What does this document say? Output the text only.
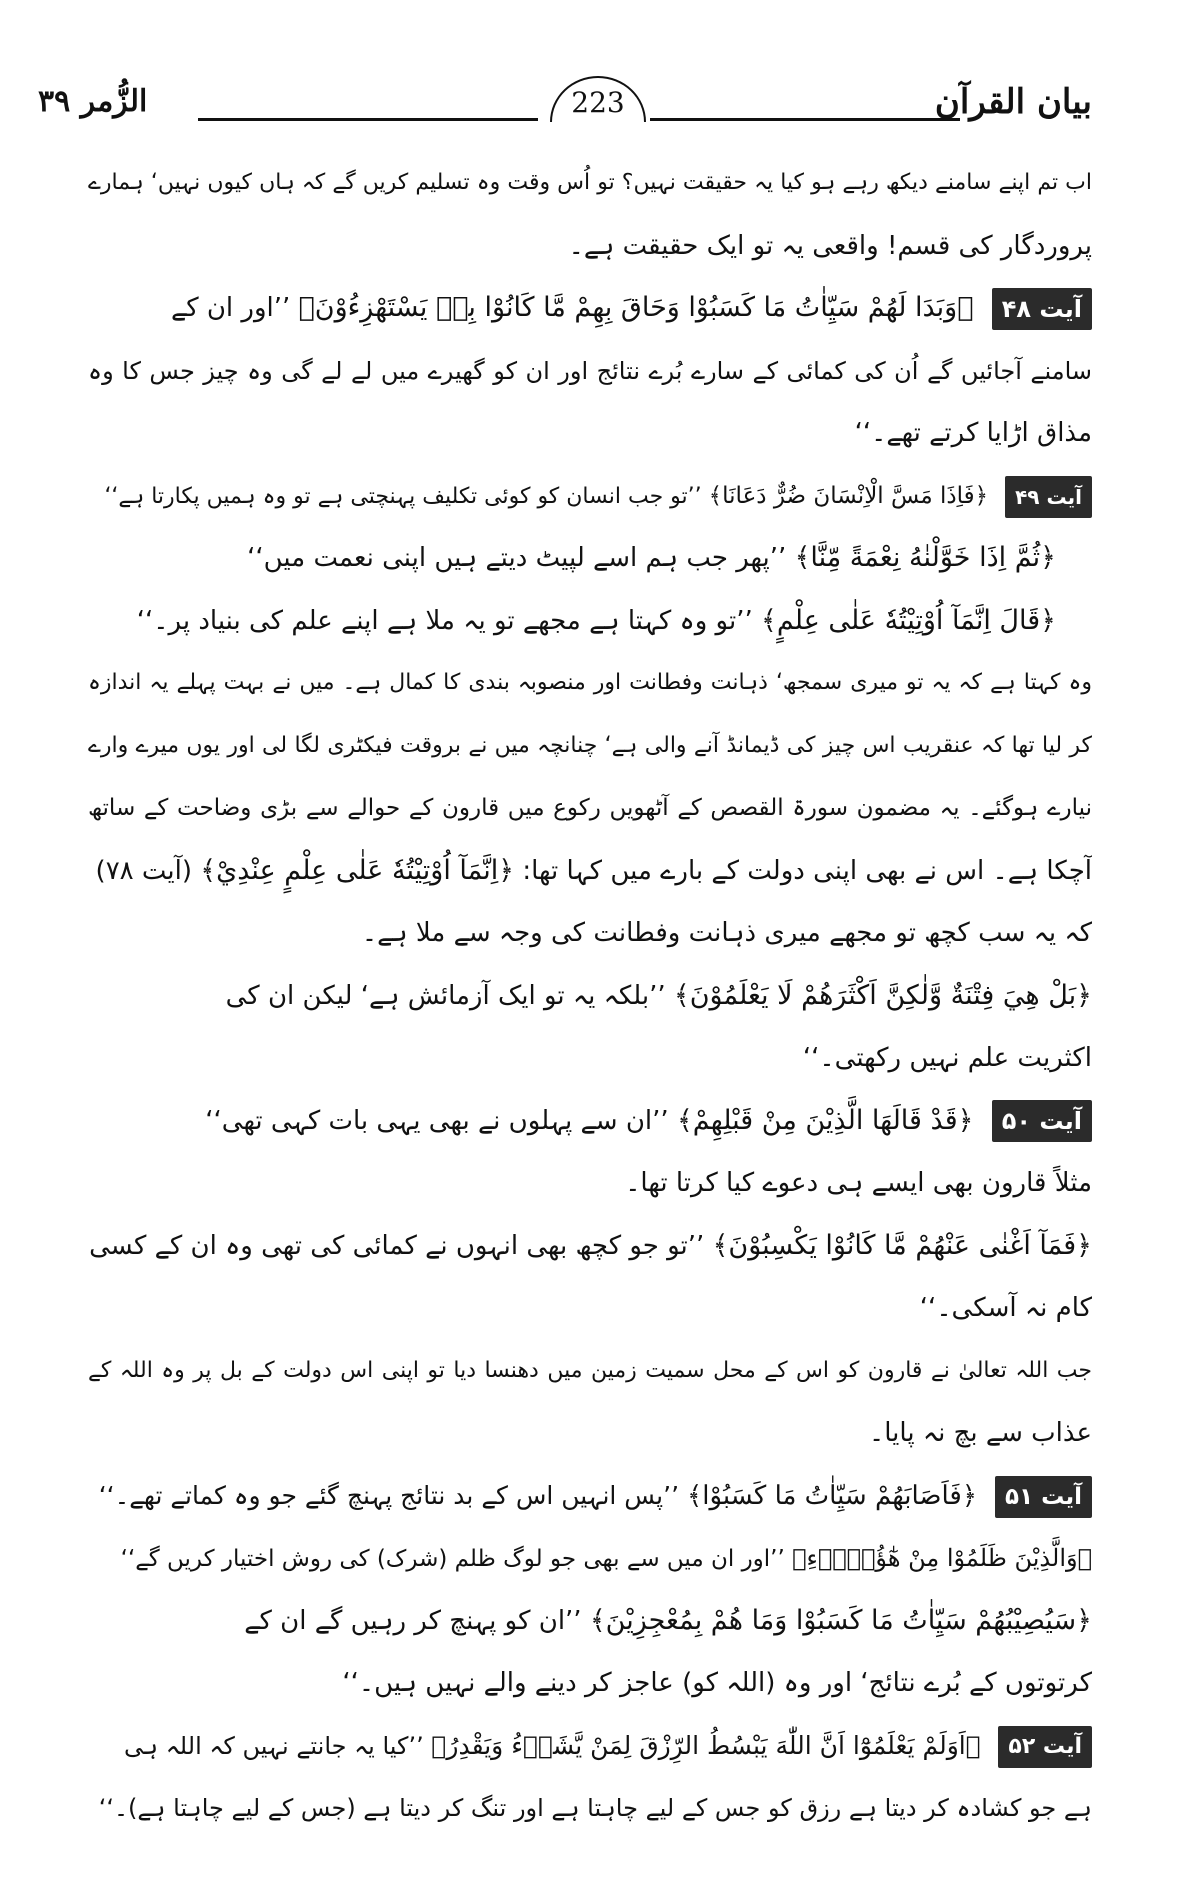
الزُّمر ۳۹	223	بیان القرآن
اب تم اپنے سامنے دیکھ رہے ہو کیا یہ حقیقت نہیں؟ تو اُس وقت وہ تسلیم کریں گے کہ ہاں کیوں نہیں‘ ہمارے
پروردگار کی قسم! واقعی یہ تو ایک حقیقت ہے۔
آیت ۴۸ ﴿وَبَدَا لَهُمْ سَيِّاٰتُ مَا كَسَبُوْا وَحَاقَ بِهِمْ مَّا كَانُوْا بِهٖ يَسْتَهْزِءُوْنَ﴾ ’’اور ان کے
سامنے آجائیں گے اُن کی کمائی کے سارے بُرے نتائج اور ان کو گھیرے میں لے لے گی وہ چیز جس کا وہ
مذاق اڑایا کرتے تھے۔‘‘
آیت ۴۹ ﴿فَاِذَا مَسَّ الْاِنْسَانَ ضُرٌّ دَعَانَا﴾ ’’تو جب انسان کو کوئی تکلیف پہنچتی ہے تو وہ ہمیں پکارتا ہے‘‘
﴿ثُمَّ اِذَا خَوَّلْنٰهُ نِعْمَةً مِّنَّا﴾ ’’پھر جب ہم اسے لپیٹ دیتے ہیں اپنی نعمت میں‘‘
﴿قَالَ اِنَّمَآ اُوْتِيْتُهٗ عَلٰى عِلْمٍ﴾ ’’تو وہ کہتا ہے مجھے تو یہ ملا ہے اپنے علم کی بنیاد پر۔‘‘
وہ کہتا ہے کہ یہ تو میری سمجھ‘ ذہانت وفطانت اور منصوبہ بندی کا کمال ہے۔ میں نے بہت پہلے یہ اندازہ
کر لیا تھا کہ عنقریب اس چیز کی ڈیمانڈ آنے والی ہے‘ چنانچہ میں نے بروقت فیکٹری لگا لی اور یوں میرے وارے
نیارے ہوگئے۔ یہ مضمون سورۃ القصص کے آٹھویں رکوع میں قارون کے حوالے سے بڑی وضاحت کے ساتھ
آچکا ہے۔ اس نے بھی اپنی دولت کے بارے میں کہا تھا: ﴿اِنَّمَآ اُوْتِيْتُهٗ عَلٰى عِلْمٍ عِنْدِيْ﴾ (آیت ۷۸)
کہ یہ سب کچھ تو مجھے میری ذہانت وفطانت کی وجہ سے ملا ہے۔
﴿بَلْ هِيَ فِتْنَةٌ وَّلٰكِنَّ اَكْثَرَهُمْ لَا يَعْلَمُوْنَ﴾ ’’بلکہ یہ تو ایک آزمائش ہے‘ لیکن ان کی
اکثریت علم نہیں رکھتی۔‘‘
آیت ۵۰ ﴿قَدْ قَالَهَا الَّذِيْنَ مِنْ قَبْلِهِمْ﴾ ’’ان سے پہلوں نے بھی یہی بات کہی تھی‘‘
مثلاً قارون بھی ایسے ہی دعوے کیا کرتا تھا۔
﴿فَمَآ اَغْنٰى عَنْهُمْ مَّا كَانُوْا يَكْسِبُوْنَ﴾ ’’تو جو کچھ بھی انہوں نے کمائی کی تھی وہ ان کے کسی
کام نہ آسکی۔‘‘
جب اللہ تعالیٰ نے قارون کو اس کے محل سمیت زمین میں دھنسا دیا تو اپنی اس دولت کے بل پر وہ اللہ کے
عذاب سے بچ نہ پایا۔
آیت ۵۱ ﴿فَاَصَابَهُمْ سَيِّاٰتُ مَا كَسَبُوْا﴾ ’’پس انہیں اس کے بد نتائج پہنچ گئے جو وہ کماتے تھے۔‘‘
﴿وَالَّذِيْنَ ظَلَمُوْا مِنْ هٰٓؤُلَاۗءِ﴾ ’’اور ان میں سے بھی جو لوگ ظلم (شرک) کی روش اختیار کریں گے‘‘
﴿سَيُصِيْبُهُمْ سَيِّاٰتُ مَا كَسَبُوْا وَمَا هُمْ بِمُعْجِزِيْنَ﴾ ’’ان کو پہنچ کر رہیں گے ان کے
کرتوتوں کے بُرے نتائج‘ اور وہ (اللہ کو) عاجز کر دینے والے نہیں ہیں۔‘‘
آیت ۵۲ ﴿اَوَلَمْ يَعْلَمُوْٓا اَنَّ اللّٰهَ يَبْسُطُ الرِّزْقَ لِمَنْ يَّشَاۗءُ وَيَقْدِرُ﴾ ’’کیا یہ جانتے نہیں کہ اللہ ہی
ہے جو کشادہ کر دیتا ہے رزق کو جس کے لیے چاہتا ہے اور تنگ کر دیتا ہے (جس کے لیے چاہتا ہے)۔‘‘
